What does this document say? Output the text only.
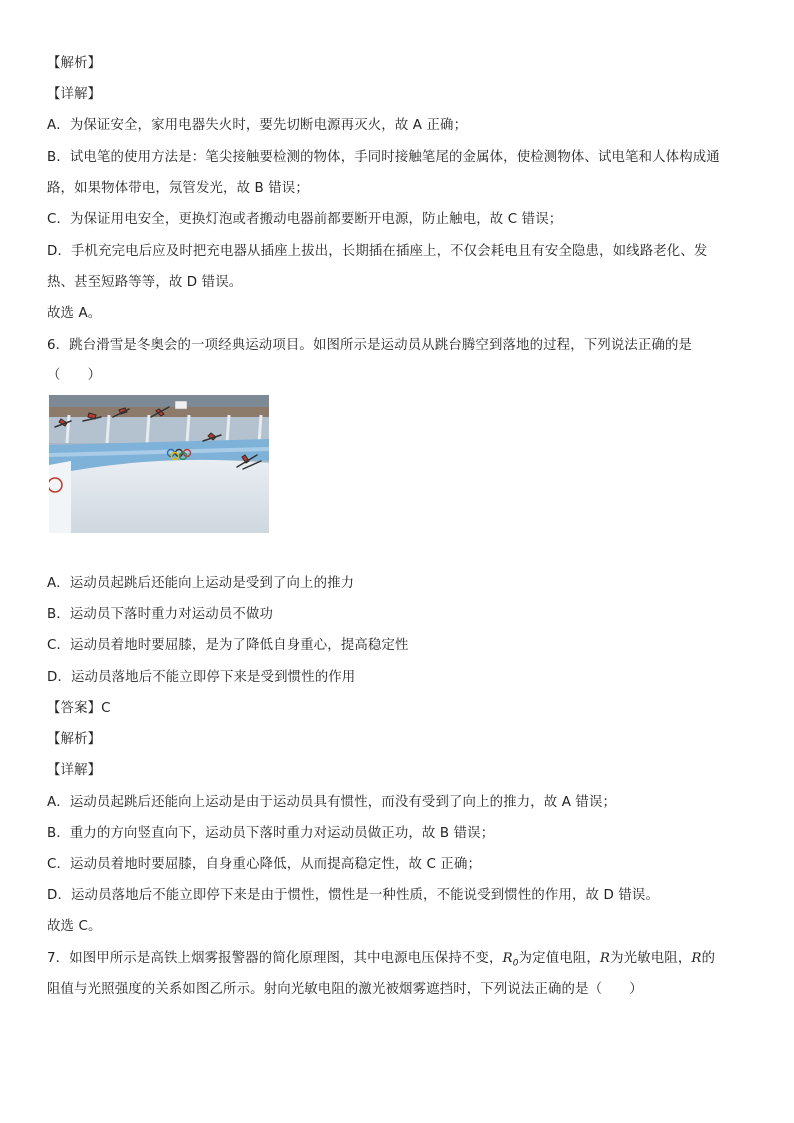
【解析】
【详解】
A．为保证安全，家用电器失火时，要先切断电源再灭火，故 A 正确；
B．试电笔的使用方法是：笔尖接触要检测的物体，手同时接触笔尾的金属体，使检测物体、试电笔和人体构成通
路，如果物体带电，氖管发光，故 B 错误；
C．为保证用电安全，更换灯泡或者搬动电器前都要断开电源，防止触电，故 C 错误；
D．手机充完电后应及时把充电器从插座上拔出，长期插在插座上，不仅会耗电且有安全隐患，如线路老化、发
热、甚至短路等等，故 D 错误。
故选 A。
6．跳台滑雪是冬奥会的一项经典运动项目。如图所示是运动员从跳台腾空到落地的过程，下列说法正确的是
（　　）
A．运动员起跳后还能向上运动是受到了向上的推力
B．运动员下落时重力对运动员不做功
C．运动员着地时要屈膝，是为了降低自身重心，提高稳定性
D．运动员落地后不能立即停下来是受到惯性的作用
【答案】C
【解析】
【详解】
A．运动员起跳后还能向上运动是由于运动员具有惯性，而没有受到了向上的推力，故 A 错误；
B．重力的方向竖直向下，运动员下落时重力对运动员做正功，故 B 错误；
C．运动员着地时要屈膝，自身重心降低，从而提高稳定性，故 C 正确；
D．运动员落地后不能立即停下来是由于惯性，惯性是一种性质，不能说受到惯性的作用，故 D 错误。
故选 C。
7．如图甲所示是高铁上烟雾报警器的简化原理图，其中电源电压保持不变，$R_0$为定值电阻，R为光敏电阻，R的
阻值与光照强度的关系如图乙所示。射向光敏电阻的激光被烟雾遮挡时，下列说法正确的是（　　）
